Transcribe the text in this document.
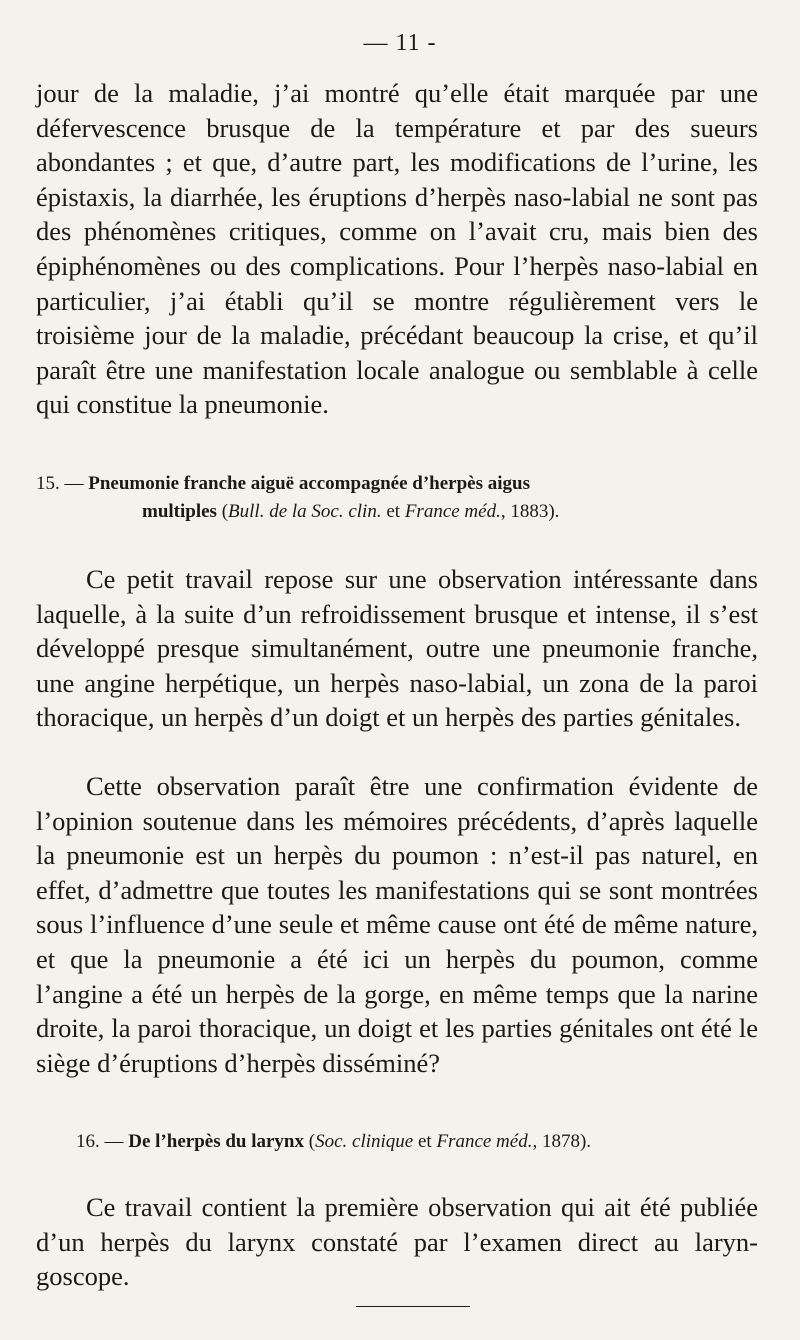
— 11 -

jour de la maladie, j’ai montré qu’elle était marquée par une défervescence brusque de la température et par des sueurs abondantes ; et que, d’autre part, les modifications de l’urine, les épistaxis, la diarrhée, les éruptions d’herpès naso-labial ne sont pas des phénomènes critiques, comme on l’avait cru, mais bien des épiphénomènes ou des complications. Pour l’herpès naso-labial en particulier, j’ai établi qu’il se montre régulièrement vers le troisième jour de la maladie, précédant beaucoup la crise, et qu’il paraît être une manifestation locale analogue ou semblable à celle qui constitue la pneumonie.

15. — Pneumonie franche aiguë accompagnée d’herpès aigus
multiples (Bull. de la Soc. clin. et France méd., 1883).

Ce petit travail repose sur une observation intéressante dans laquelle, à la suite d’un refroidissement brusque et intense, il s’est développé presque simultanément, outre une pneumonie franche, une angine herpétique, un herpès naso-labial, un zona de la paroi thoracique, un herpès d’un doigt et un herpès des parties génitales.

Cette observation paraît être une confirmation évidente de l’opinion soutenue dans les mémoires précédents, d’après laquelle la pneumonie est un herpès du poumon : n’est-il pas naturel, en effet, d’admettre que toutes les manifestations qui se sont montrées sous l’influence d’une seule et même cause ont été de même nature, et que la pneumonie a été ici un herpès du poumon, comme l’angine a été un herpès de la gorge, en même temps que la narine droite, la paroi thoracique, un doigt et les parties génitales ont été le siège d’éruptions d’herpès disséminé?

16. — De l’herpès du larynx (Soc. clinique et France méd., 1878).

Ce travail contient la première observation qui ait été publiée d’un herpès du larynx constaté par l’examen direct au laryn-goscope.
